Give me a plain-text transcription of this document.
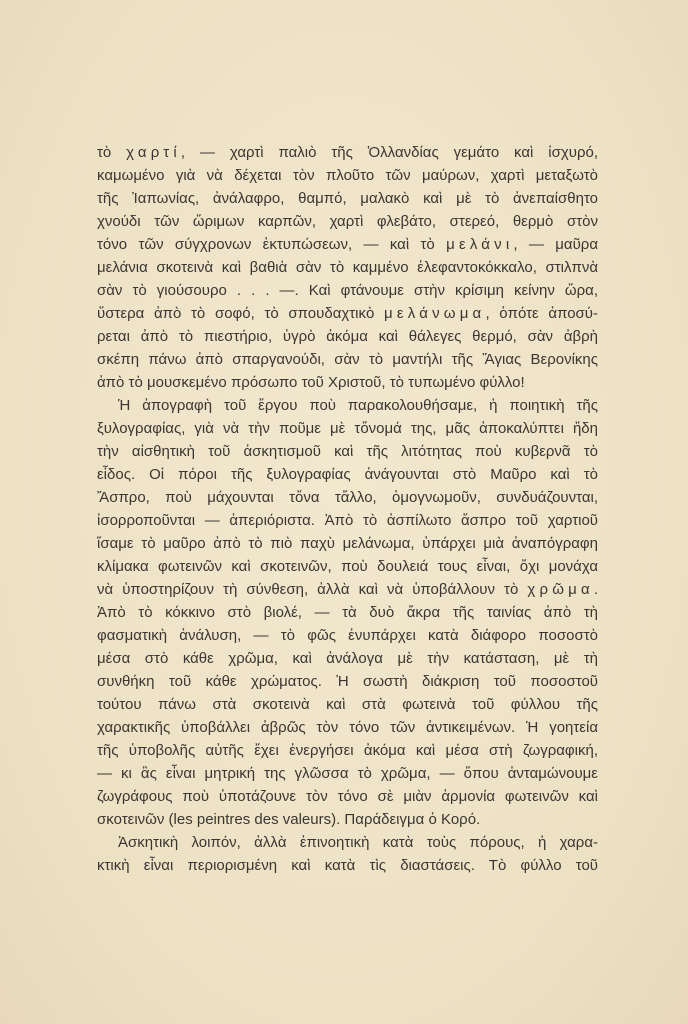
τὸ χαρτί, — χαρτὶ παλιὸ τῆς Ὁλλανδίας γεμάτο καὶ ἰσχυρό,
καμωμένο γιὰ νὰ δέχεται τὸν πλοῦτο τῶν μαύρων, χαρτὶ μεταξωτὸ
τῆς Ἰαπωνίας, ἀνάλαφρο, θαμπό, μαλακὸ καὶ μὲ τὸ ἀνεπαίσθητο
χνούδι τῶν ὥριμων καρπῶν, χαρτὶ φλεβάτο, στερεό, θερμὸ στὸν
τόνο τῶν σύγχρονων ἐκτυπώσεων, — καὶ τὸ μελάνι, — μαῦρα
μελάνια σκοτεινὰ καὶ βαθιὰ σὰν τὸ καμμένο ἐλεφαντοκόκκαλο, στιλπνὰ
σὰν τὸ γιούσουρο . . . —. Καὶ φτάνουμε στὴν κρίσιμη κείνην ὥρα,
ὕστερα ἀπὸ τὸ σοφό, τὸ σπουδαχτικὸ μελάνωμα, ὁπότε ἀποσύ-
ρεται ἀπὸ τὸ πιεστήριο, ὑγρὸ ἀκόμα καὶ θάλεγες θερμό, σὰν ἀβρὴ
σκέπη πάνω ἀπὸ σπαργανούδι, σὰν τὸ μαντήλι τῆς Ἅγιας Βερονίκης
ἀπὸ τὸ μουσκεμένο πρόσωπο τοῦ Χριστοῦ, τὸ τυπωμένο φύλλο!
Ἡ ἀπογραφὴ τοῦ ἔργου ποὺ παρακολουθήσαμε, ἡ ποιητικὴ τῆς
ξυλογραφίας, γιὰ νὰ τὴν ποῦμε μὲ τὄνομά της, μᾶς ἀποκαλύπτει ἤδη
τὴν αἰσθητικὴ τοῦ ἀσκητισμοῦ καὶ τῆς λιτότητας ποὺ κυβερνᾶ τὸ
εἶδος. Οἱ πόροι τῆς ξυλογραφίας ἀνάγουνται στὸ Μαῦρο καὶ τὸ
Ἄσπρο, ποὺ μάχουνται τὄνα τἄλλο, ὁμογνωμοῦν, συνδυάζουνται,
ἰσορροποῦνται — ἀπεριόριστα. Ἀπὸ τὸ ἀσπίλωτο ἄσπρο τοῦ χαρτιοῦ
ἴσαμε τὸ μαῦρο ἀπὸ τὸ πιὸ παχὺ μελάνωμα, ὑπάρχει μιὰ ἀναπόγραφη
κλίμακα φωτεινῶν καὶ σκοτεινῶν, ποὺ δουλειά τους εἶναι, ὄχι μονάχα
νὰ ὑποστηρίζουν τὴ σύνθεση, ἀλλὰ καὶ νὰ ὑποβάλλουν τὸ χρῶμα.
Ἀπὸ τὸ κόκκινο στὸ βιολέ, — τὰ δυὸ ἄκρα τῆς ταινίας ἀπὸ τὴ
φασματικὴ ἀνάλυση, — τὸ φῶς ἐνυπάρχει κατὰ διάφορο ποσοστὸ
μέσα στὸ κάθε χρῶμα, καὶ ἀνάλογα μὲ τὴν κατάσταση, μὲ τὴ
συνθήκη τοῦ κάθε χρώματος. Ἡ σωστὴ διάκριση τοῦ ποσοστοῦ
τούτου πάνω στὰ σκοτεινὰ καὶ στὰ φωτεινὰ τοῦ φύλλου τῆς
χαρακτικῆς ὑποβάλλει ἀβρῶς τὸν τόνο τῶν ἀντικειμένων. Ἡ γοητεία
τῆς ὑποβολῆς αὐτῆς ἔχει ἐνεργήσει ἀκόμα καὶ μέσα στὴ ζωγραφική,
— κι ἂς εἶναι μητρική της γλῶσσα τὸ χρῶμα, — ὅπου ἀνταμώνουμε
ζωγράφους ποὺ ὑποτάζουνε τὸν τόνο σὲ μιὰν ἁρμονία φωτεινῶν καὶ
σκοτεινῶν (les peintres des valeurs). Παράδειγμα ὁ Κορό.
Ἀσκητικὴ λοιπόν, ἀλλὰ ἐπινοητικὴ κατὰ τοὺς πόρους, ἡ χαρα-
κτικὴ εἶναι περιορισμένη καὶ κατὰ τὶς διαστάσεις. Τὸ φύλλο τοῦ
